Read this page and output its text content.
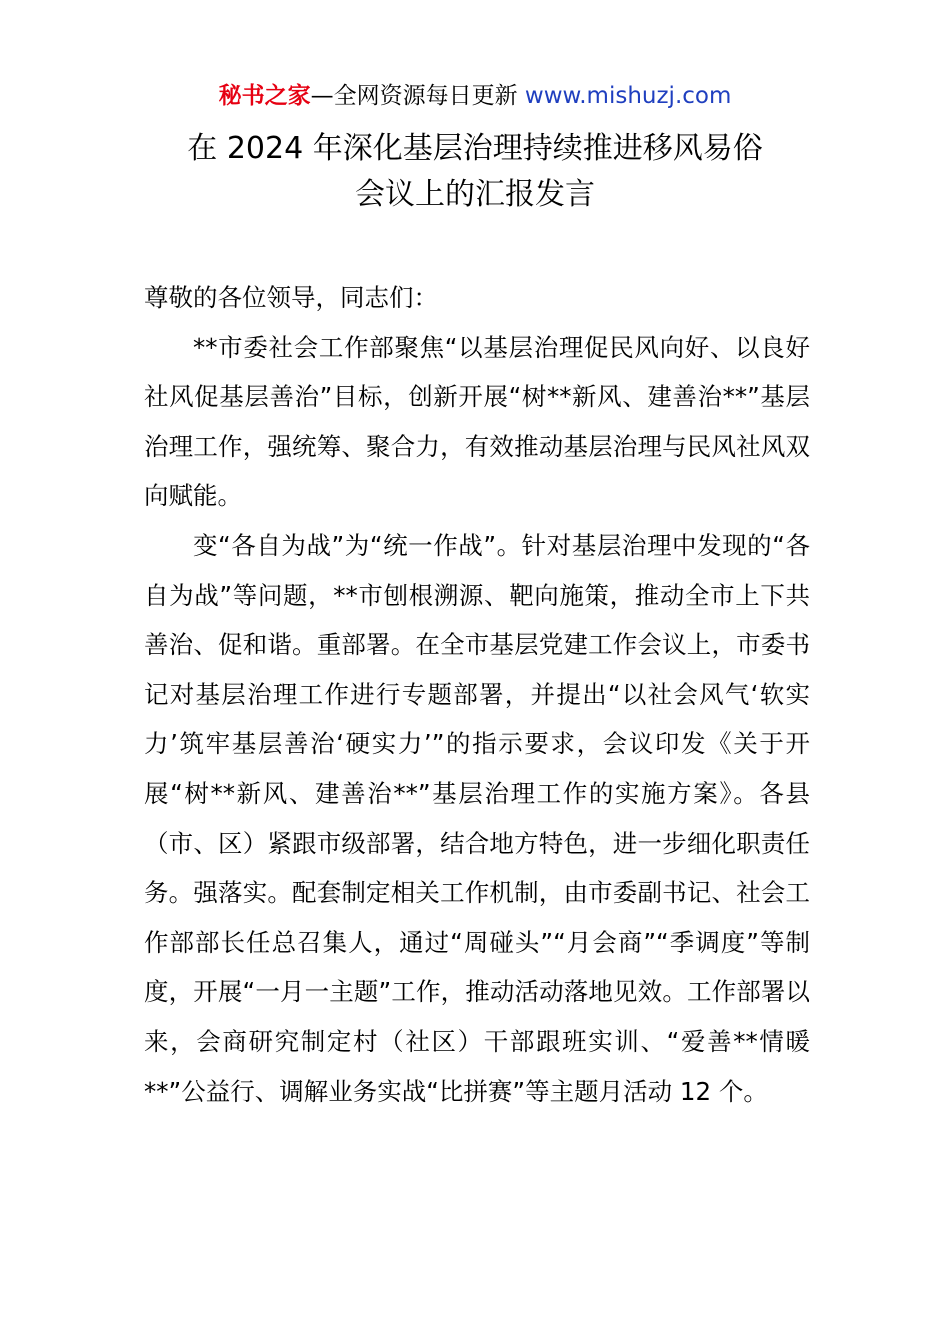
秘书之家—全网资源每日更新 www.mishuzj.com
在 2024 年深化基层治理持续推进移风易俗
会议上的汇报发言

尊敬的各位领导，同志们：

**市委社会工作部聚焦“以基层治理促民风向好、以良好社风促基层善治”目标，创新开展“树**新风、建善治**”基层治理工作，强统筹、聚合力，有效推动基层治理与民风社风双向赋能。

变“各自为战”为“统一作战”。针对基层治理中发现的“各自为战”等问题，**市刨根溯源、靶向施策，推动全市上下共善治、促和谐。重部署。在全市基层党建工作会议上，市委书记对基层治理工作进行专题部署，并提出“以社会风气‘软实力’筑牢基层善治‘硬实力’”的指示要求，会议印发《关于开展“树**新风、建善治**”基层治理工作的实施方案》。各县（市、区）紧跟市级部署，结合地方特色，进一步细化职责任务。强落实。配套制定相关工作机制，由市委副书记、社会工作部部长任总召集人，通过“周碰头”“月会商”“季调度”等制度，开展“一月一主题”工作，推动活动落地见效。工作部署以来，会商研究制定村（社区）干部跟班实训、“爱善**情暖**”公益行、调解业务实战“比拼赛”等主题月活动 12 个。
